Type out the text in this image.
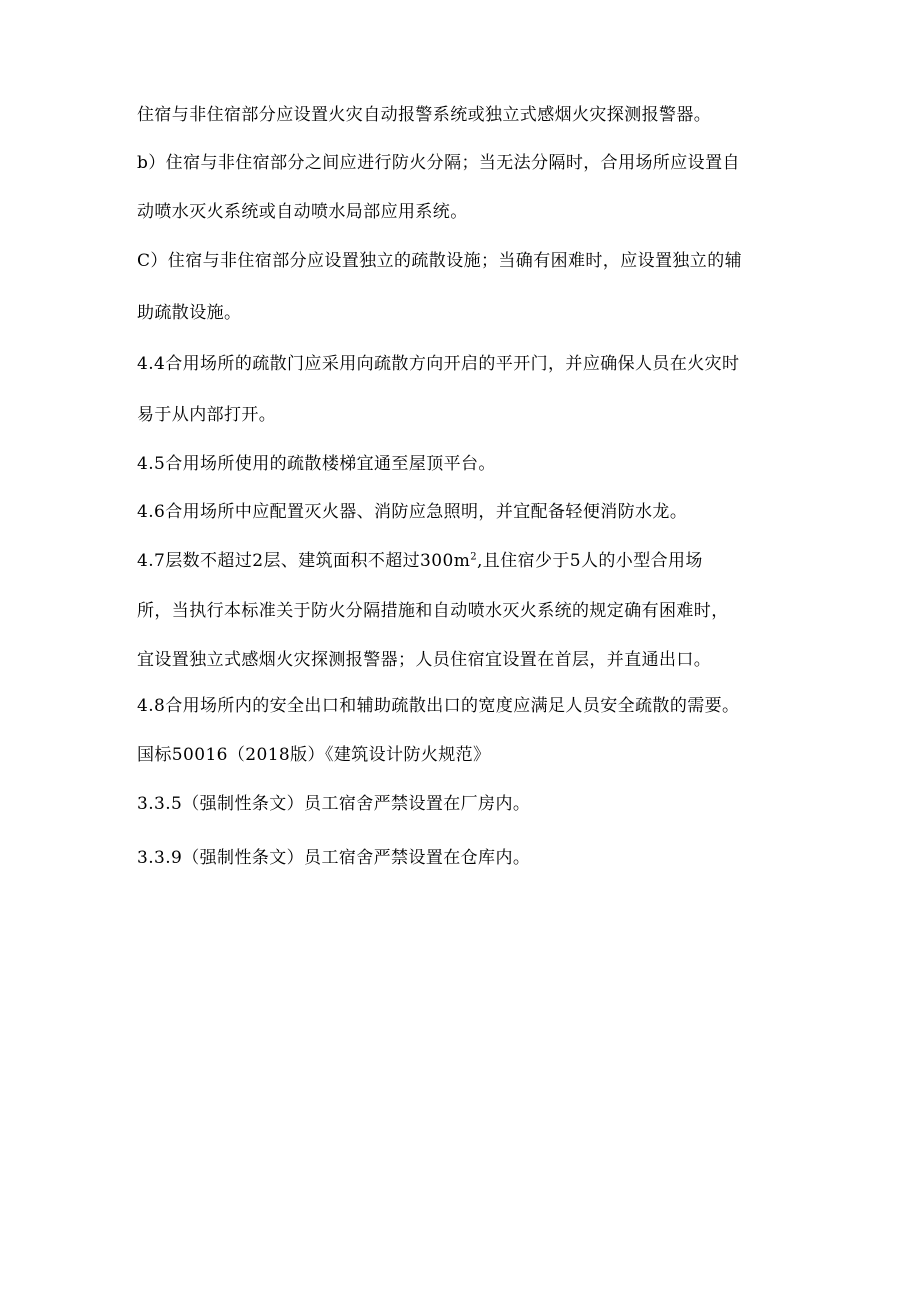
住宿与非住宿部分应设置火灾自动报警系统或独立式感烟火灾探测报警器。
b）住宿与非住宿部分之间应进行防火分隔；当无法分隔时，合用场所应设置自
动喷水灭火系统或自动喷水局部应用系统。
C）住宿与非住宿部分应设置独立的疏散设施；当确有困难时，应设置独立的辅
助疏散设施。
4.4合用场所的疏散门应采用向疏散方向开启的平开门，并应确保人员在火灾时
易于从内部打开。
4.5合用场所使用的疏散楼梯宜通至屋顶平台。
4.6合用场所中应配置灭火器、消防应急照明，并宜配备轻便消防水龙。
4.7层数不超过2层、建筑面积不超过$300m^2$,且住宿少于5人的小型合用场
所，当执行本标准关于防火分隔措施和自动喷水灭火系统的规定确有困难时，
宜设置独立式感烟火灾探测报警器；人员住宿宜设置在首层，并直通出口。
4.8合用场所内的安全出口和辅助疏散出口的宽度应满足人员安全疏散的需要。
国标50016（2018版）《建筑设计防火规范》
3.3.5（强制性条文）员工宿舍严禁设置在厂房内。
3.3.9（强制性条文）员工宿舍严禁设置在仓库内。
